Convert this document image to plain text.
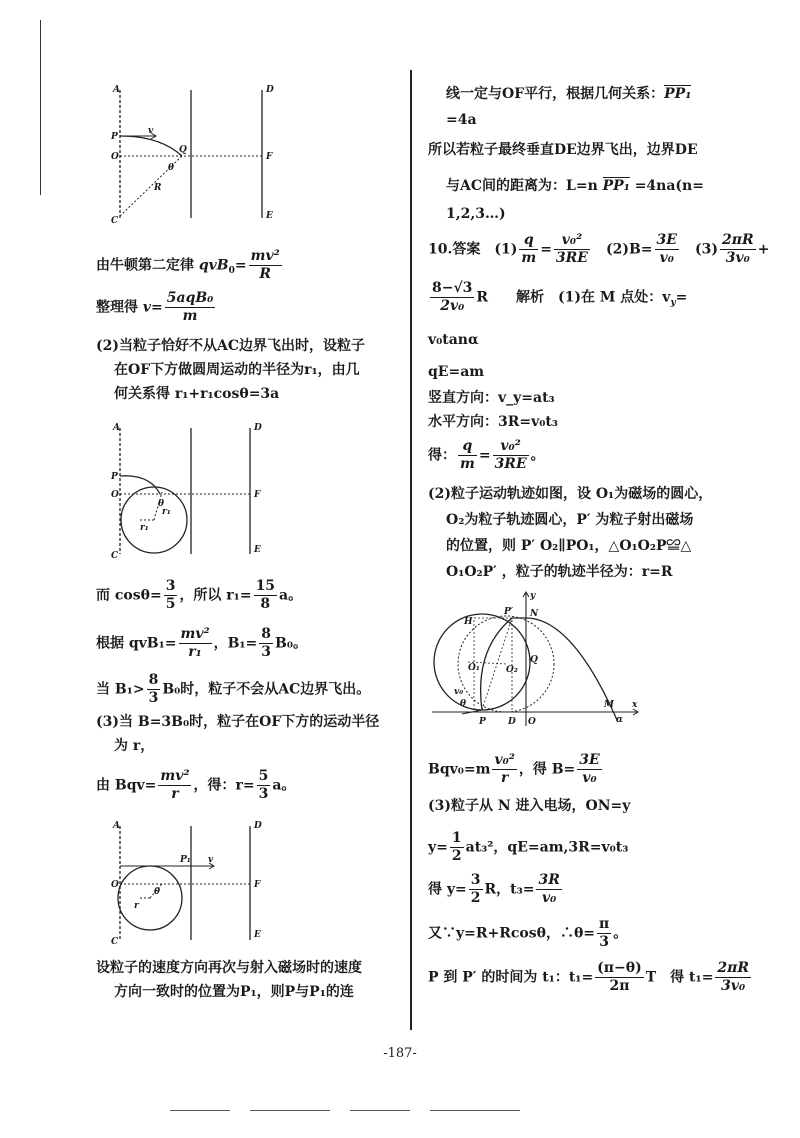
A	D
P
v
O
Q
F
θ
R
C	E
由牛顿第二定律 $qvB_0= \frac{\text{mv²}}{R}$
整理得 $v= \frac{\text{5aqB₀}}{m}$
(2)当粒子恰好不从AC边界飞出时，设粒子
在OF下方做圆周运动的半径为r₁，由几
何关系得 r₁+r₁cosθ=3a
A	D
P
O
θ
r₁
r₁
F
C
E
而 $\cos\theta= \frac{3}{5}$ ，所以 $r_1= \frac{15}{8}$ a。
根据 $qvB_1= \frac{\text{mv²}}{\text{r₁}}$ ，$B_1= \frac{8}{3} B_0$。
当 $B_1> \frac{8}{3} B_0$时，粒子不会从AC边界飞出。
(3)当 B=3B₀时，粒子在OF下方的运动半径
为 r，
由 $Bqv= \frac{\text{mv²}}{r}$ ，得：$r= \frac{5}{3}$ a。
A	D
P₁ v
O
θ
r
F
C
E
设粒子的速度方向再次与射入磁场时的速度
方向一致时的位置为P₁，则P与P₁的连
线一定与OF平行，根据几何关系：PP₁
=4a
所以若粒子最终垂直DE边界飞出，边界DE
与AC间的距离为：L=n PP₁ =4na(n=
1,2,3…)
10.答案　$(1) \frac{q}{m} = \frac{\text{v₀²}}{3RE}$ 　$(2)B= \frac{3E}{\text{v₀}}$ 　$(3) \frac{2\pi R}{\text{3v₀}}$ +
$\frac{8-√3}{\text{2v₀}}$ R　　解析　(1)在 M 点处：$v_y=$
v₀tanα
qE=am
竖直方向：v_y=at₃
水平方向：3R=v₀t₃
得： $\frac{q}{m} = \frac{\text{v₀²}}{3RE}$ 。
(2)粒子运动轨迹如图，设 O₁为磁场的圆心，
O₂为粒子轨迹圆心，P′ 为粒子射出磁场
的位置，则 P′ O₂∥PO₁，△O₁O₂P≌△
O₁O₂P′ ，粒子的轨迹半径为：r=R
y
P′ N
H
Q
O₁	O₂
v₀
θ	M x
α
P D O
$Bqv_0=m \frac{\text{v₀²}}{r}$ ，得 $B= \frac{3E}{\text{v₀}}$
(3)粒子从 N 进入电场，ON=y
$y= \frac{1}{2} at_3^2$，qE=am,3R=v₀t₃
得 $y= \frac{3}{2}$ R，$t_3= \frac{3R}{\text{v₀}}$
又∵y=R+Rcosθ，∴θ= $\frac{\pi}{3}$ 。
P 到 P′ 的时间为 t₁：$t_1= \frac{(\pi-\theta)}{2\pi}$ T　得 $t_1= \frac{2\pi R}{\text{3v₀}}$
-187-
